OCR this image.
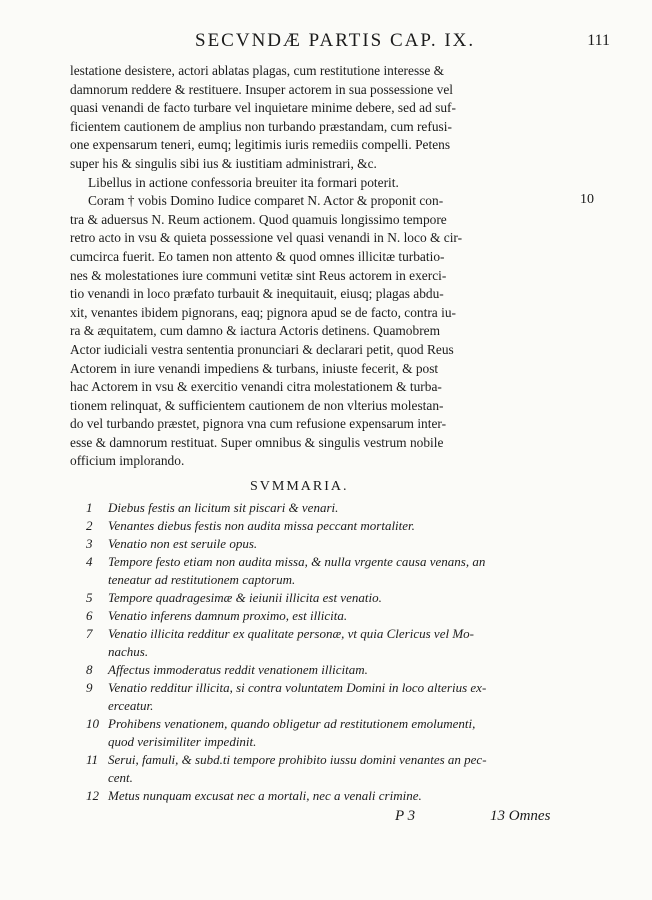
SECVNDÆ PARTIS CAP. IX.	111
lestatione desistere, actori ablatas plagas, cum restitutione interesse &
damnorum reddere & restituere. Insuper actorem in sua possessione vel
quasi venandi de facto turbare vel inquietare minime debere, sed ad suf-
ficientem cautionem de amplius non turbando præstandam, cum refusi-
one expensarum teneri, eumq; legitimis iuris remediis compelli. Petens
super his & singulis sibi ius & iustitiam administrari, &c.
Libellus in actione confessoria breuiter ita formari poterit.
Coram † vobis Domino Iudice comparet N. Actor & proponit con-
tra & aduersus N. Reum actionem. Quod quamuis longissimo tempore
retro acto in vsu & quieta possessione vel quasi venandi in N. loco & cir-
cumcirca fuerit. Eo tamen non attento & quod omnes illicitæ turbatio-
nes & molestationes iure communi vetitæ sint Reus actorem in exerci-
tio venandi in loco præfato turbauit & inequitauit, eiusq; plagas abdu-
xit, venantes ibidem pignorans, eaq; pignora apud se de facto, contra iu-
ra & æquitatem, cum damno & iactura Actoris detinens. Quamobrem
Actor iudiciali vestra sententia pronunciari & declarari petit, quod Reus
Actorem in iure venandi impediens & turbans, iniuste fecerit, & post
hac Actorem in vsu & exercitio venandi citra molestationem & turba-
tionem relinquat, & sufficientem cautionem de non vlterius molestan-
do vel turbando præstet, pignora vna cum refusione expensarum inter-
esse & damnorum restituat. Super omnibus & singulis vestrum nobile
officium implorando.
10
SVMMARIA.
1 Diebus festis an licitum sit piscari & venari.
2 Venantes diebus festis non audita missa peccant mortaliter.
3 Venatio non est seruile opus.
4 Tempore festo etiam non audita missa, & nulla vrgente causa venans, an
teneatur ad restitutionem captorum.
5 Tempore quadragesimæ & ieiunii illicita est venatio.
6 Venatio inferens damnum proximo, est illicita.
7 Venatio illicita redditur ex qualitate personæ, vt quia Clericus vel Mo-
nachus.
8 Affectus immoderatus reddit venationem illicitam.
9 Venatio redditur illicita, si contra voluntatem Domini in loco alterius ex-
erceatur.
10 Prohibens venationem, quando obligetur ad restitutionem emolumenti,
quod verisimiliter impedinit.
11 Serui, famuli, & subd.ti tempore prohibito iussu domini venantes an pec-
cent.
12 Metus nunquam excusat nec a mortali, nec a venali crimine.
P 3	13 Omnes
